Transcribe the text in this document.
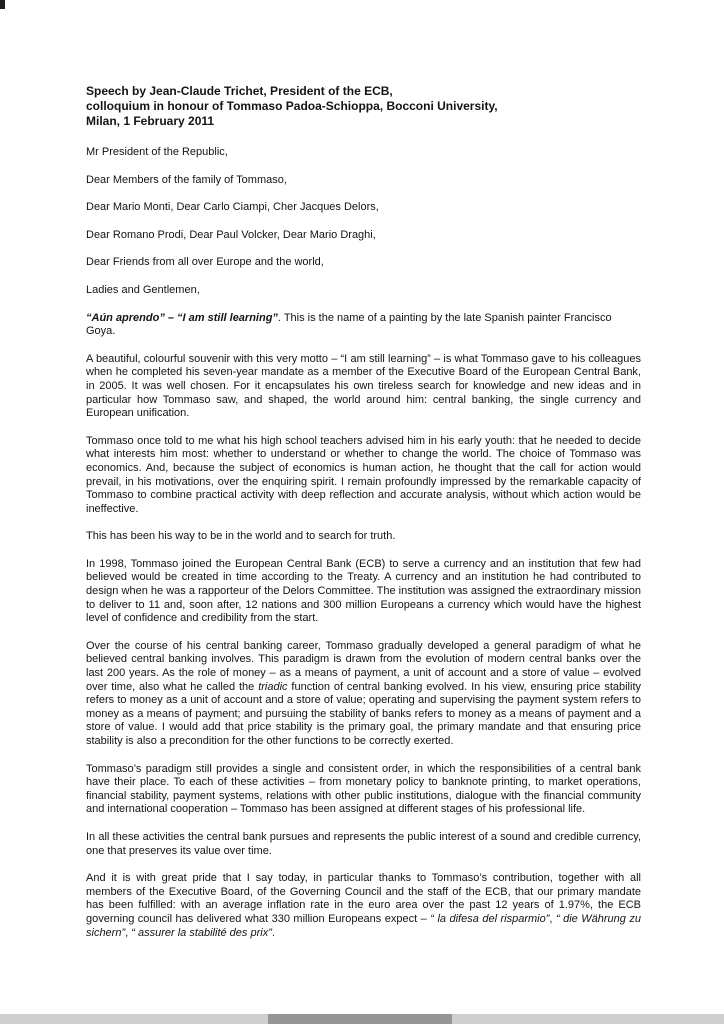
Speech by Jean-Claude Trichet, President of the ECB,
colloquium in honour of Tommaso Padoa-Schioppa, Bocconi University,
Milan, 1 February 2011

Mr President of the Republic,

Dear Members of the family of Tommaso,

Dear Mario Monti, Dear Carlo Ciampi, Cher Jacques Delors,

Dear Romano Prodi, Dear Paul Volcker, Dear Mario Draghi,

Dear Friends from all over Europe and the world,

Ladies and Gentlemen,

“Aún aprendo” – “I am still learning”. This is the name of a painting by the late Spanish painter Francisco Goya.

A beautiful, colourful souvenir with this very motto – “I am still learning” – is what Tommaso gave to his colleagues when he completed his seven-year mandate as a member of the Executive Board of the European Central Bank, in 2005. It was well chosen. For it encapsulates his own tireless search for knowledge and new ideas and in particular how Tommaso saw, and shaped, the world around him: central banking, the single currency and European unification.

Tommaso once told to me what his high school teachers advised him in his early youth: that he needed to decide what interests him most: whether to understand or whether to change the world. The choice of Tommaso was economics. And, because the subject of economics is human action, he thought that the call for action would prevail, in his motivations, over the enquiring spirit. I remain profoundly impressed by the remarkable capacity of Tommaso to combine practical activity with deep reflection and accurate analysis, without which action would be ineffective.

This has been his way to be in the world and to search for truth.

In 1998, Tommaso joined the European Central Bank (ECB) to serve a currency and an institution that few had believed would be created in time according to the Treaty. A currency and an institution he had contributed to design when he was a rapporteur of the Delors Committee. The institution was assigned the extraordinary mission to deliver to 11 and, soon after, 12 nations and 300 million Europeans a currency which would have the highest level of confidence and credibility from the start.

Over the course of his central banking career, Tommaso gradually developed a general paradigm of what he believed central banking involves. This paradigm is drawn from the evolution of modern central banks over the last 200 years. As the role of money – as a means of payment, a unit of account and a store of value – evolved over time, also what he called the triadic function of central banking evolved. In his view, ensuring price stability refers to money as a unit of account and a store of value; operating and supervising the payment system refers to money as a means of payment; and pursuing the stability of banks refers to money as a means of payment and a store of value. I would add that price stability is the primary goal, the primary mandate and that ensuring price stability is also a precondition for the other functions to be correctly exerted.

Tommaso’s paradigm still provides a single and consistent order, in which the responsibilities of a central bank have their place. To each of these activities – from monetary policy to banknote printing, to market operations, financial stability, payment systems, relations with other public institutions, dialogue with the financial community and international cooperation – Tommaso has been assigned at different stages of his professional life.

In all these activities the central bank pursues and represents the public interest of a sound and credible currency, one that preserves its value over time.

And it is with great pride that I say today, in particular thanks to Tommaso’s contribution, together with all members of the Executive Board, of the Governing Council and the staff of the ECB, that our primary mandate has been fulfilled: with an average inflation rate in the euro area over the past 12 years of 1.97%, the ECB governing council has delivered what 330 million Europeans expect – “ la difesa del risparmio”, “ die Währung zu sichern”, “ assurer la stabilité des prix”.
